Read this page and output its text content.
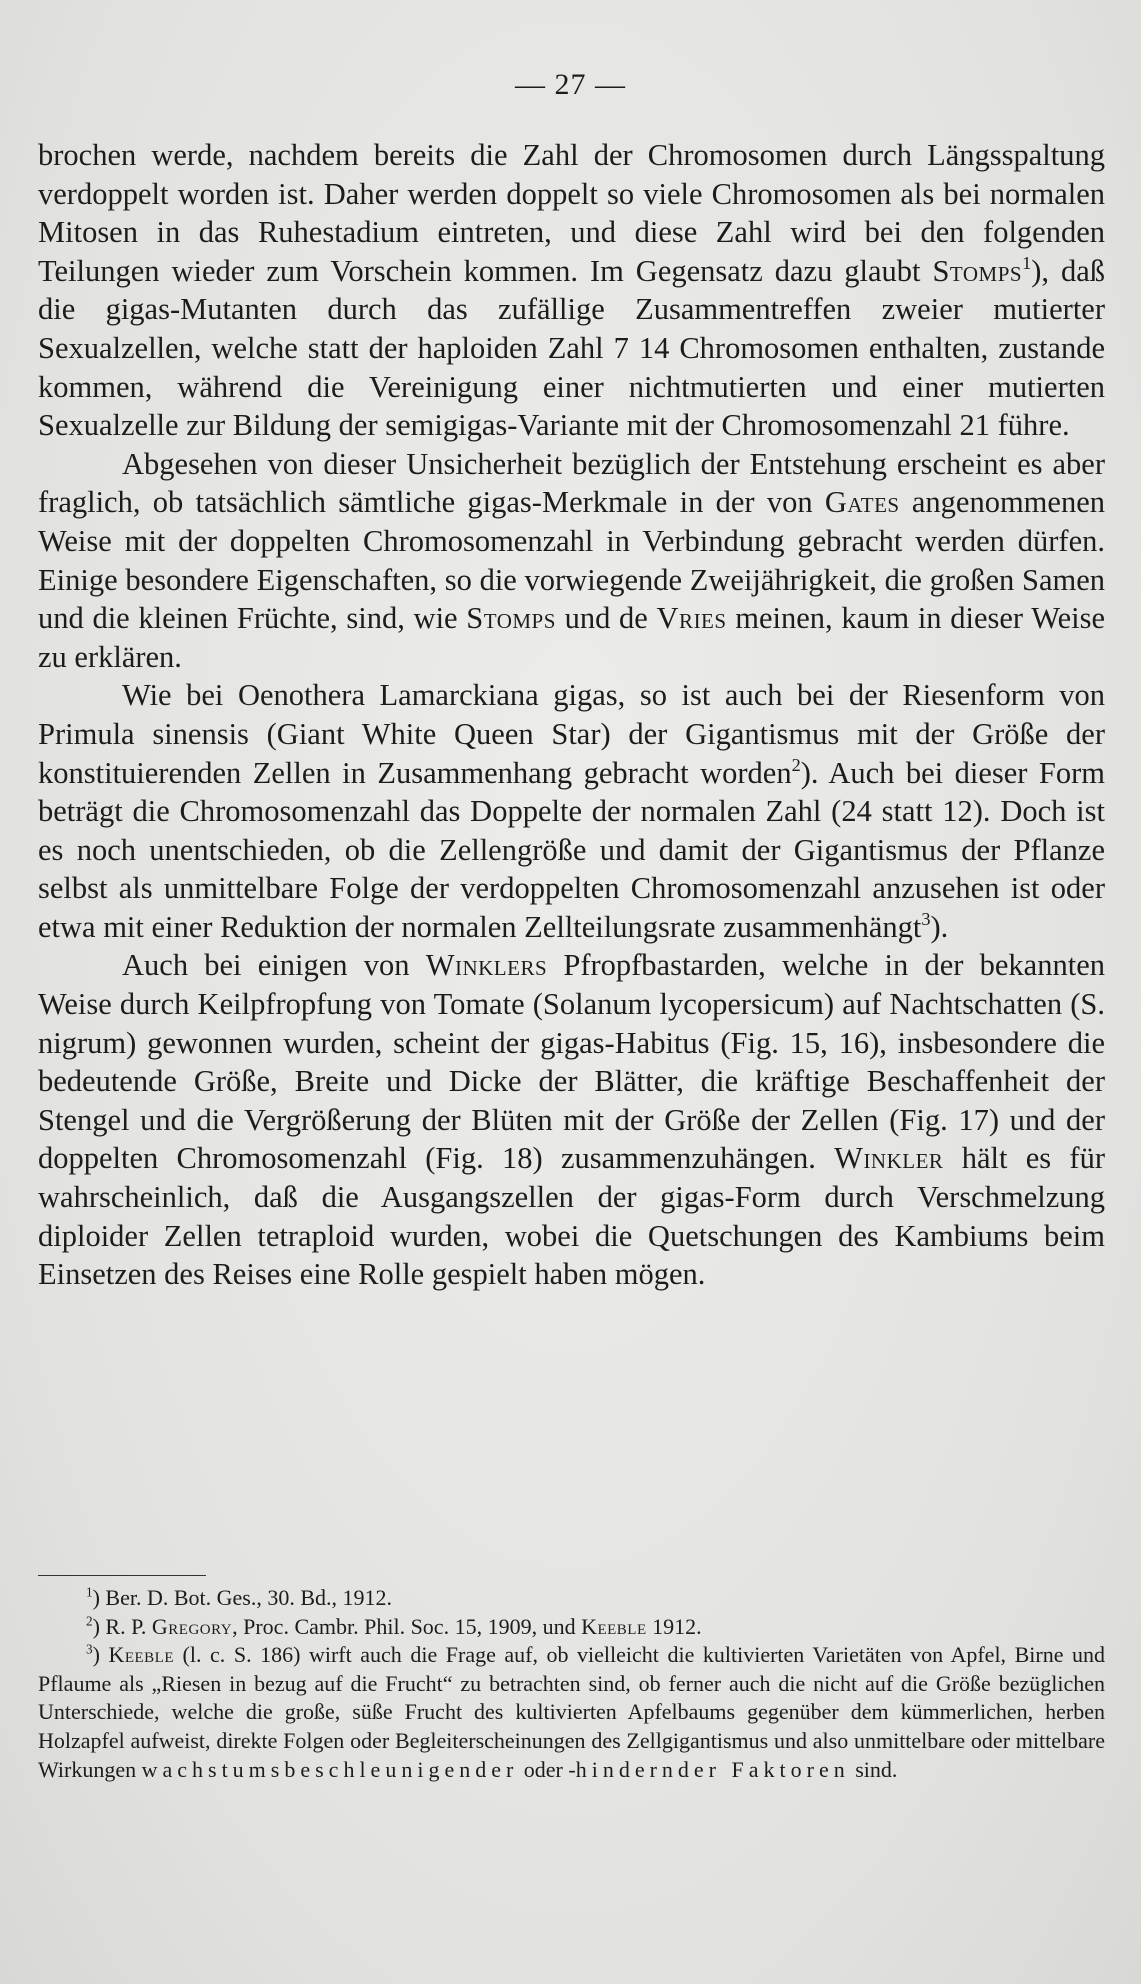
— 27 —

brochen werde, nachdem bereits die Zahl der Chromosomen durch Längsspaltung verdoppelt worden ist. Daher werden doppelt so viele Chromosomen als bei normalen Mitosen in das Ruhestadium eintreten, und diese Zahl wird bei den folgenden Teilungen wieder zum Vorschein kommen. Im Gegensatz dazu glaubt Stomps$^1$), daß die gigas-Mutanten durch das zufällige Zusammentreffen zweier mutierter Sexualzellen, welche statt der haploiden Zahl 7 14 Chromosomen enthalten, zustande kommen, während die Vereinigung einer nichtmutierten und einer mutierten Sexualzelle zur Bildung der semigigas-Variante mit der Chromosomenzahl 21 führe.

Abgesehen von dieser Unsicherheit bezüglich der Entstehung erscheint es aber fraglich, ob tatsächlich sämtliche gigas-Merkmale in der von Gates angenommenen Weise mit der doppelten Chromosomenzahl in Verbindung gebracht werden dürfen. Einige besondere Eigenschaften, so die vorwiegende Zweijährigkeit, die großen Samen und die kleinen Früchte, sind, wie Stomps und de Vries meinen, kaum in dieser Weise zu erklären.

Wie bei Oenothera Lamarckiana gigas, so ist auch bei der Riesenform von Primula sinensis (Giant White Queen Star) der Gigantismus mit der Größe der konstituierenden Zellen in Zusammenhang gebracht worden$^2$). Auch bei dieser Form beträgt die Chromosomenzahl das Doppelte der normalen Zahl (24 statt 12). Doch ist es noch unentschieden, ob die Zellengröße und damit der Gigantismus der Pflanze selbst als unmittelbare Folge der verdoppelten Chromosomenzahl anzusehen ist oder etwa mit einer Reduktion der normalen Zellteilungsrate zusammenhängt$^3$).

Auch bei einigen von Winklers Pfropfbastarden, welche in der bekannten Weise durch Keilpfropfung von Tomate (Solanum lycopersicum) auf Nachtschatten (S. nigrum) gewonnen wurden, scheint der gigas-Habitus (Fig. 15, 16), insbesondere die bedeutende Größe, Breite und Dicke der Blätter, die kräftige Beschaffenheit der Stengel und die Vergrößerung der Blüten mit der Größe der Zellen (Fig. 17) und der doppelten Chromosomenzahl (Fig. 18) zusammenzuhängen. Winkler hält es für wahrscheinlich, daß die Ausgangszellen der gigas-Form durch Verschmelzung diploider Zellen tetraploid wurden, wobei die Quetschungen des Kambiums beim Einsetzen des Reises eine Rolle gespielt haben mögen.

$^1$) Ber. D. Bot. Ges., 30. Bd., 1912.

$^2$) R. P. Gregory, Proc. Cambr. Phil. Soc. 15, 1909, und Keeble 1912.

$^3$) Keeble (l. c. S. 186) wirft auch die Frage auf, ob vielleicht die kultivierten Varietäten von Apfel, Birne und Pflaume als „Riesen in bezug auf die Frucht“ zu betrachten sind, ob ferner auch die nicht auf die Größe bezüglichen Unterschiede, welche die große, süße Frucht des kultivierten Apfelbaums gegenüber dem kümmerlichen, herben Holzapfel aufweist, direkte Folgen oder Begleiterscheinungen des Zellgigantismus und also unmittelbare oder mittelbare Wirkungen wachstumsbeschleunigender oder -hindernder Faktoren sind.
